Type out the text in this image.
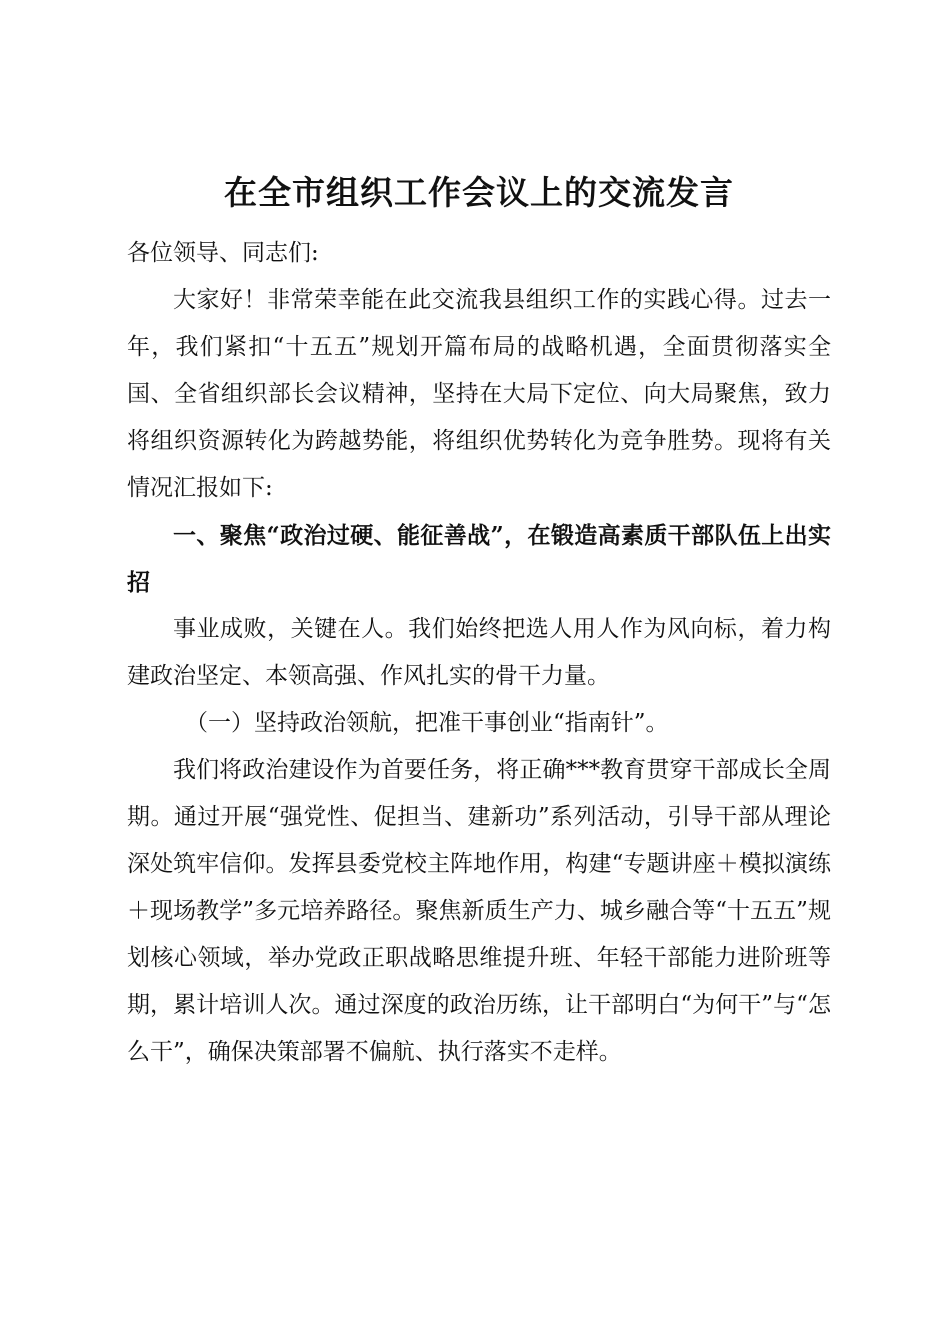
在全市组织工作会议上的交流发言

各位领导、同志们:

大家好！非常荣幸能在此交流我县组织工作的实践心得。过去一年，我们紧扣“十五五”规划开篇布局的战略机遇，全面贯彻落实全国、全省组织部长会议精神，坚持在大局下定位、向大局聚焦，致力将组织资源转化为跨越势能，将组织优势转化为竞争胜势。现将有关情况汇报如下:

一、聚焦“政治过硬、能征善战”，在锻造高素质干部队伍上出实招

事业成败，关键在人。我们始终把选人用人作为风向标，着力构建政治坚定、本领高强、作风扎实的骨干力量。

（一）坚持政治领航，把准干事创业“指南针”。

我们将政治建设作为首要任务，将正确***教育贯穿干部成长全周期。通过开展“强党性、促担当、建新功”系列活动，引导干部从理论深处筑牢信仰。发挥县委党校主阵地作用，构建“专题讲座＋模拟演练＋现场教学”多元培养路径。聚焦新质生产力、城乡融合等“十五五”规划核心领域，举办党政正职战略思维提升班、年轻干部能力进阶班等期，累计培训人次。通过深度的政治历练，让干部明白“为何干”与“怎么干”，确保决策部署不偏航、执行落实不走样。
